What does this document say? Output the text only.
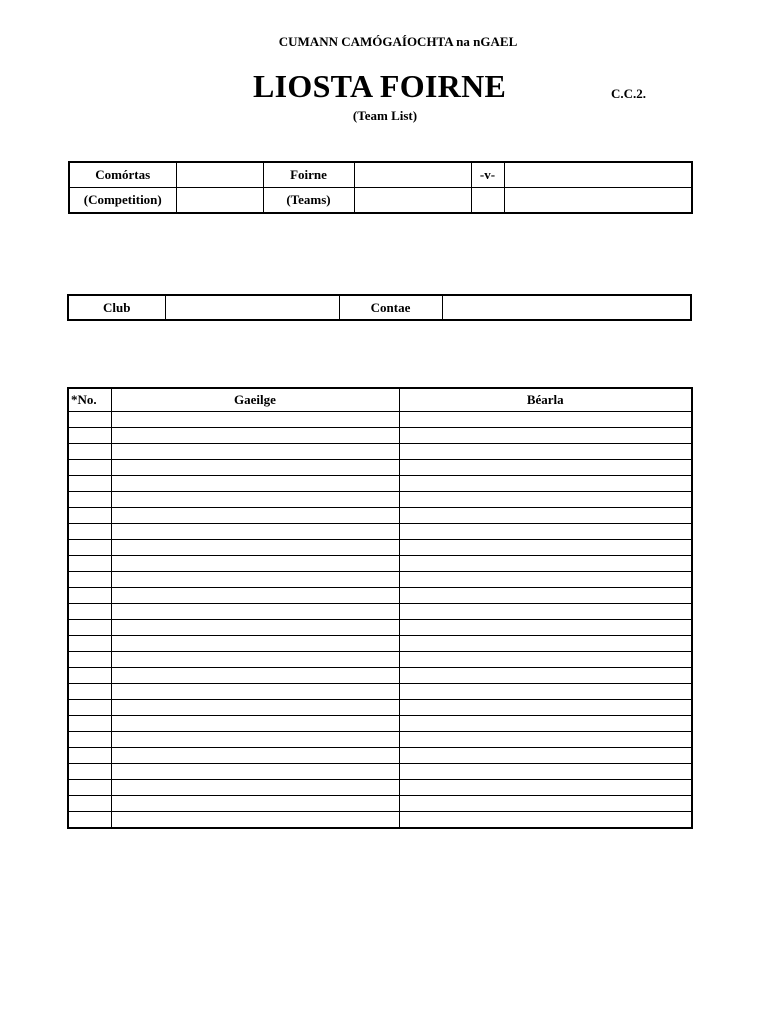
CUMANN CAMÓGAÍOCHTA na nGAEL
LIOSTA FOIRNE	C.C.2.
(Team List)
Comórtas		Foirne		-v-	
(Competition)		(Teams)			
Club		Contae	
*No.	Gaeilge	Béarla
